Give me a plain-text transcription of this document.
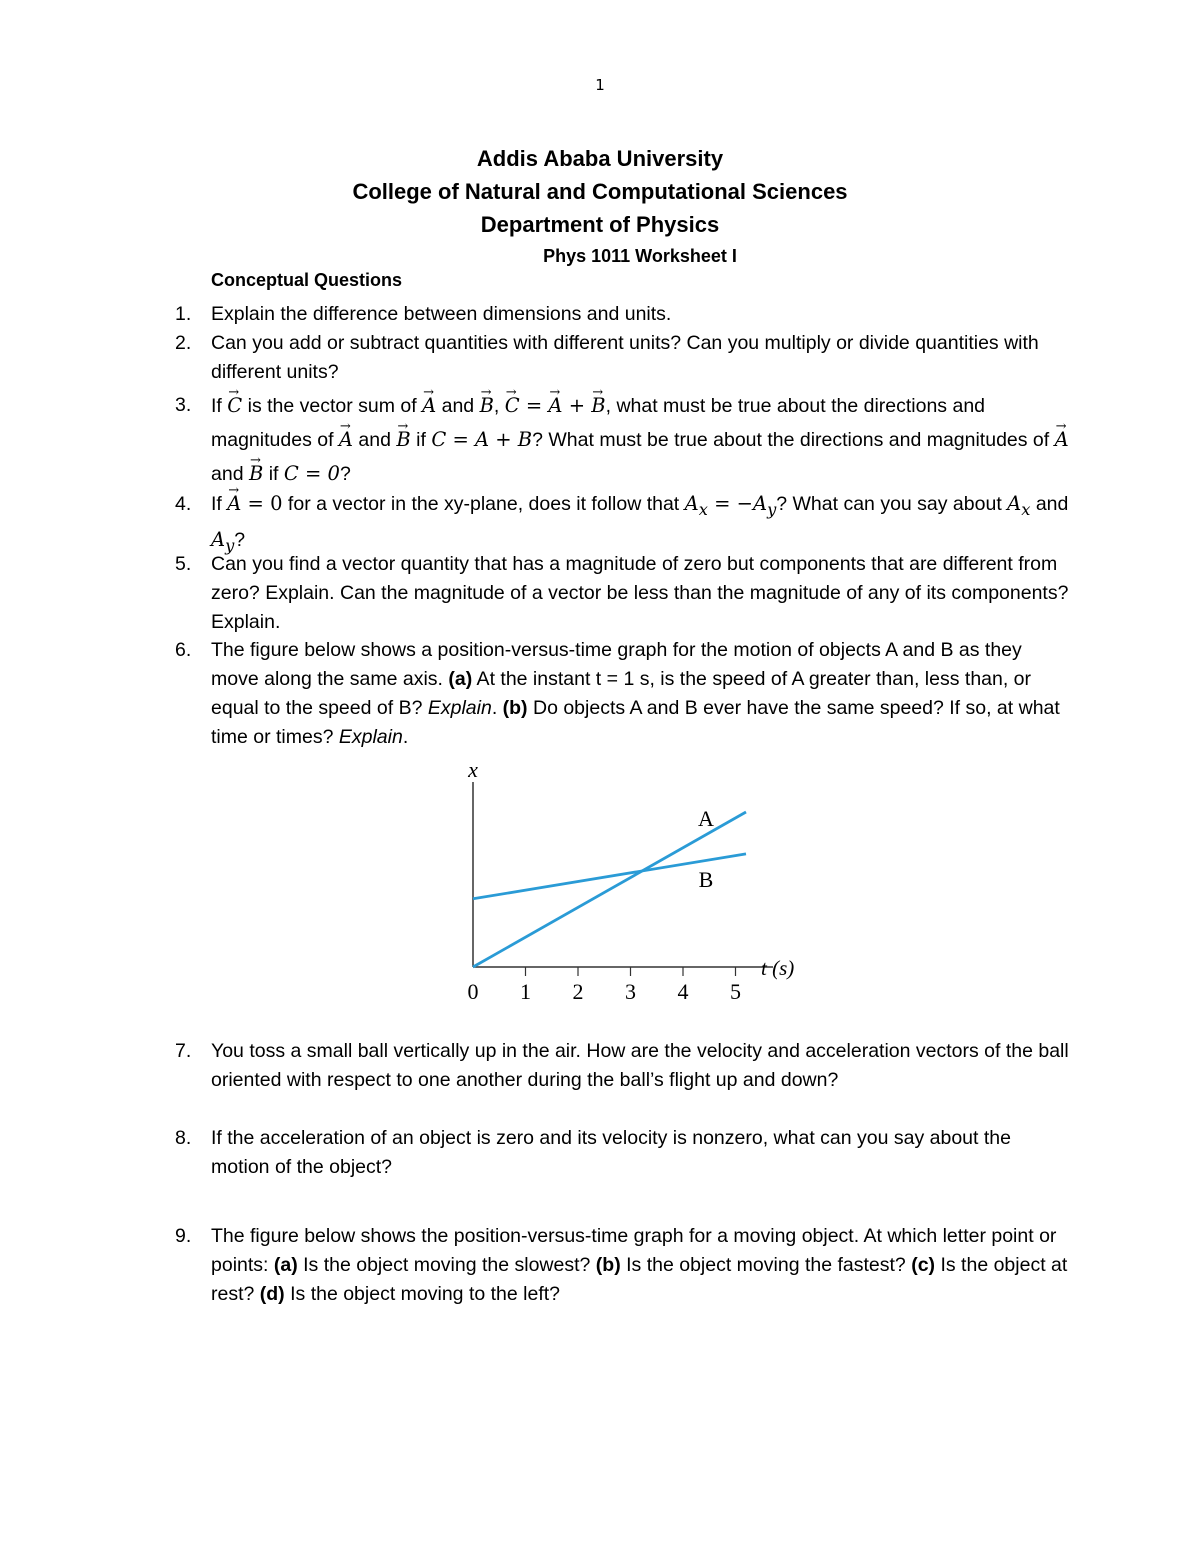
1
Addis Ababa University
College of Natural and Computational Sciences
Department of Physics
Phys 1011 Worksheet I
Conceptual Questions
1. Explain the difference between dimensions and units.
2. Can you add or subtract quantities with different units? Can you multiply or divide quantities with different units?
3. If → C is the vector sum of → A and → B, → C = → A + → B, what must be true about the directions and magnitudes of → A and → B if C = A + B? What must be true about the directions and magnitudes of → A and → B if C = 0?
4. If → A = 0 for a vector in the xy-plane, does it follow that $A_x = -A_y$? What can you say about $A_x$ and $A_y$?
5. Can you find a vector quantity that has a magnitude of zero but components that are different from zero? Explain. Can the magnitude of a vector be less than the magnitude of any of its components? Explain.
6. The figure below shows a position-versus-time graph for the motion of objects A and B as they move along the same axis. (a) At the instant t = 1 s, is the speed of A greater than, less than, or equal to the speed of B? Explain. (b) Do objects A and B ever have the same speed? If so, at what time or times? Explain.
x
0 1 2 3 4 5
t (s)
A
B
7. You toss a small ball vertically up in the air. How are the velocity and acceleration vectors of the ball oriented with respect to one another during the ball’s flight up and down?
8. If the acceleration of an object is zero and its velocity is nonzero, what can you say about the motion of the object?
9. The figure below shows the position-versus-time graph for a moving object. At which letter point or points: (a) Is the object moving the slowest? (b) Is the object moving the fastest? (c) Is the object at rest? (d) Is the object moving to the left?
